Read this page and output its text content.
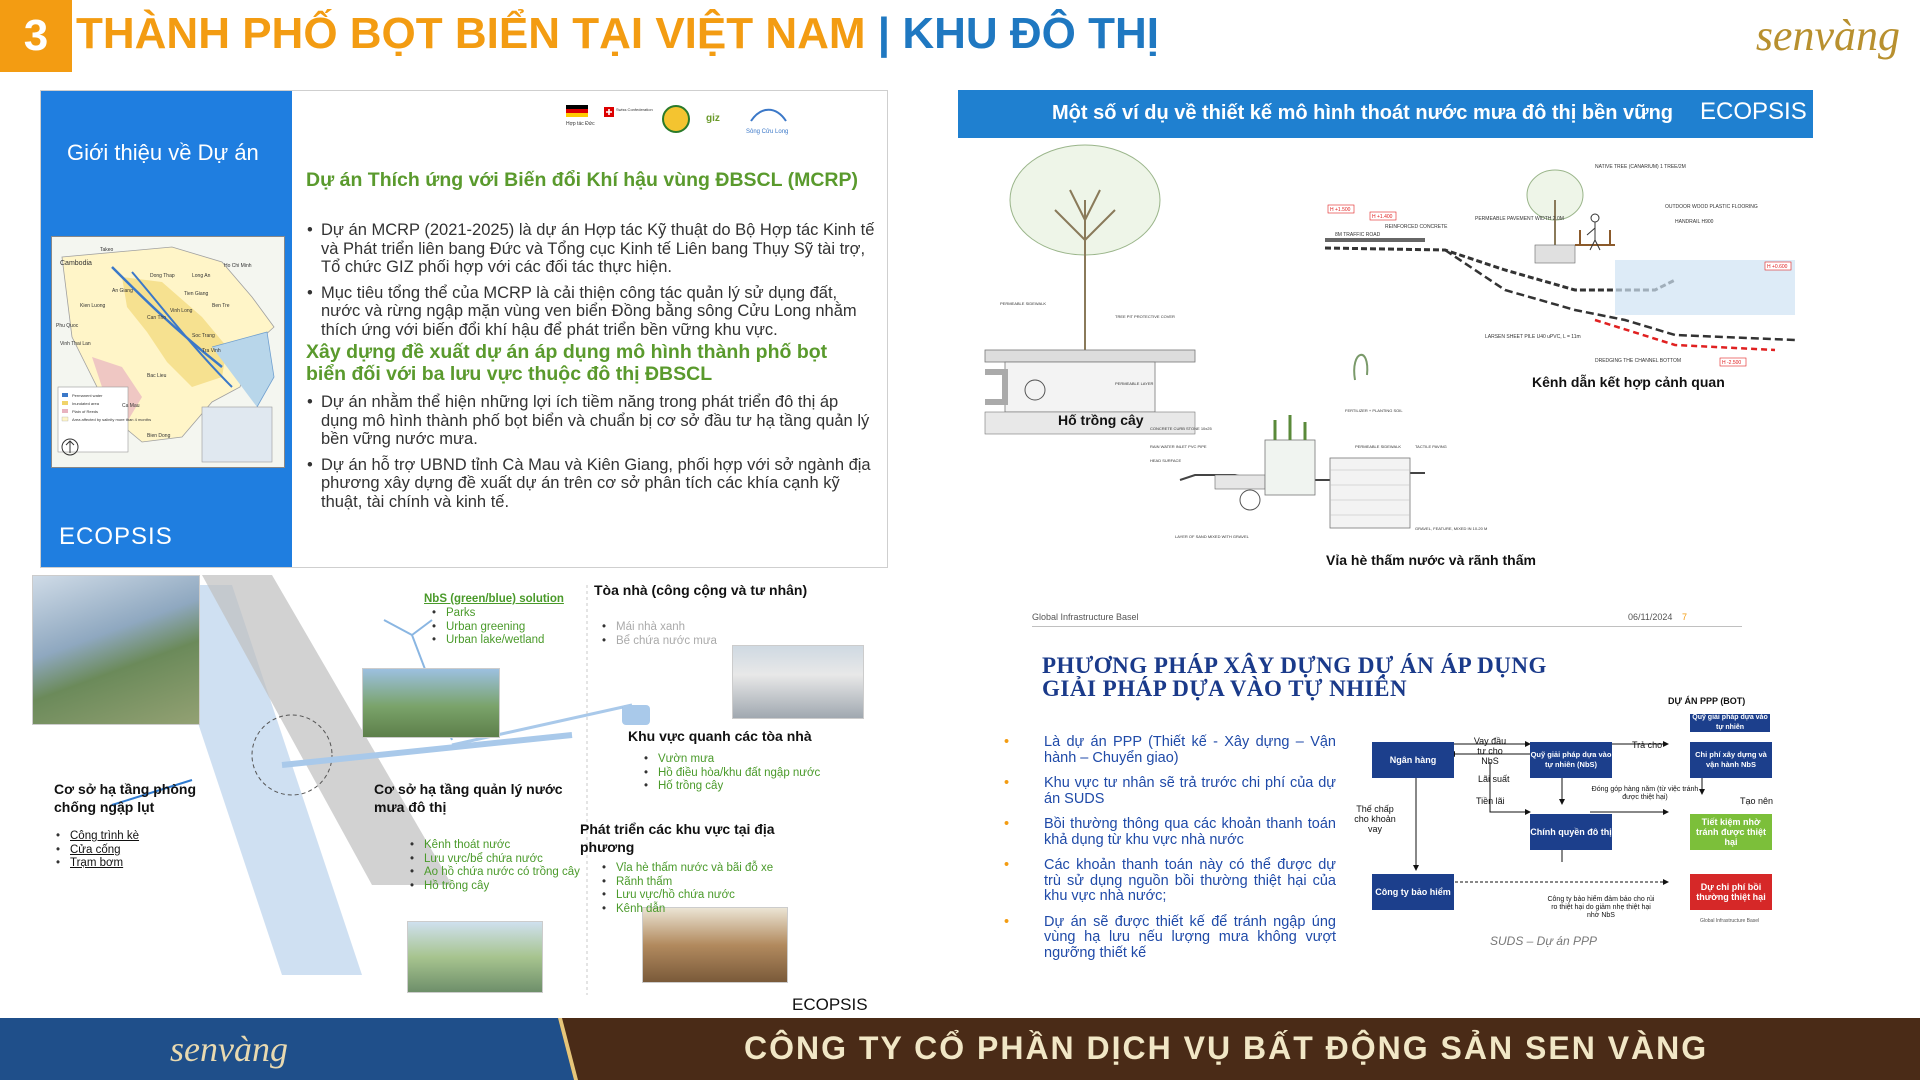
3 THÀNH PHỐ BỌT BIỂN TẠI VIỆT NAM | KHU ĐÔ THỊ	senvàng
Giới thiệu về Dự án
Cambodia
Takeo
Ho Chi Minh
Long An
An Giang
Dong Thap
Tien Giang
Kien Luong
Can Tho
Vinh Long
Ben Tre
Soc Trang
Vinh Thai Lan
Bac Lieu
Ca Mau
Tra Vinh
Bien Dong
Phu Quoc
Permanent water
Inundated area
Plain of Reeds
Area affected by salinity more than 4 months
ECOPSIS
Hợp tác Đức
Swiss Confederation
giz
Sông Cửu Long
Dự án Thích ứng với Biến đổi Khí hậu vùng ĐBSCL (MCRP)
• Dự án MCRP (2021-2025) là dự án Hợp tác Kỹ thuật do Bộ Hợp tác Kinh tế và Phát triển liên bang Đức và Tổng cục Kinh tế Liên bang Thụy Sỹ tài trợ, Tổ chức GIZ phối hợp với các đối tác thực hiện.
• Mục tiêu tổng thể của MCRP là cải thiện công tác quản lý sử dụng đất, nước và rừng ngập mặn vùng ven biển Đồng bằng sông Cửu Long nhằm thích ứng với biến đổi khí hậu để phát triển bền vững khu vực.
Xây dựng đề xuất dự án áp dụng mô hình thành phố bọt biển đối với ba lưu vực thuộc đô thị ĐBSCL
• Dự án nhằm thể hiện những lợi ích tiềm năng trong phát triển đô thị áp dụng mô hình thành phố bọt biển và chuẩn bị cơ sở đầu tư hạ tầng quản lý bền vững nước mưa.
• Dự án hỗ trợ UBND tỉnh Cà Mau và Kiên Giang, phối hợp với sở ngành địa phương xây dựng đề xuất dự án trên cơ sở phân tích các khía cạnh kỹ thuật, tài chính và kinh tế.
Một số ví dụ về thiết kế mô hình thoát nước mưa đô thị bền vững ECOPSIS
PERMEABLE SIDEWALK
TREE PIT PROTECTIVE COVER
PERMEABLE LAYER
NATIVE TREE (CANARIUM) 1 TREE/2M
OUTDOOR WOOD PLASTIC FLOORING
HANDRAIL H900
PERMEABLE PAVEMENT WIDTH 2.0M
REINFORCED CONCRETE
8M TRAFFIC ROAD
LARSEN SHEET PILE U40 uPVC, L = 11m
DREDGING THE CHANNEL BOTTOM
H +1.500
H +1.400
H +0.600
H -2.500
FERTILIZER + PLANTING SOIL
CONCRETE CURB STONE 10x25
RAIN WATER INLET PVC PIPE
HEAD SURFACE
PERMEABLE SIDEWALK	TACTILE PAVING
GRAVEL, FEATURE, MIXED IN 10-20 M
LAYER OF SAND MIXED WITH GRAVEL
Hố trồng cây
Kênh dẫn kết hợp cảnh quan
Vỉa hè thấm nước và rãnh thấm
NbS (green/blue) solution
• Parks
• Urban greening
• Urban lake/wetland
Tòa nhà (công cộng và tư nhân)
• Mái nhà xanh
• Bể chứa nước mưa
Khu vực quanh các tòa nhà
• Vườn mưa
• Hồ điều hòa/khu đất ngập nước
• Hố trồng cây
Cơ sở hạ tầng phòng chống ngập lụt
• Công trình kè
• Cửa cống
• Trạm bơm
Cơ sở hạ tầng quản lý nước mưa đô thị
• Kênh thoát nước
• Lưu vực/bể chứa nước
• Ao hồ chứa nước có trồng cây
• Hồ trồng cây
Phát triển các khu vực tại địa phương
• Vỉa hè thấm nước và bãi đỗ xe
• Rãnh thấm
• Lưu vực/hồ chứa nước
• Kênh dẫn
ECOPSIS
Global Infrastructure Basel	06/11/2024 7
PHƯƠNG PHÁP XÂY DỰNG DỰ ÁN ÁP DỤNG
GIẢI PHÁP DỰA VÀO TỰ NHIÊN
• Là dự án PPP (Thiết kế - Xây dựng – Vận hành – Chuyển giao)
• Khu vực tư nhân sẽ trả trước chi phí của dự án SUDS
• Bồi thường thông qua các khoản thanh toán khả dụng từ khu vực nhà nước
• Các khoản thanh toán này có thể được dự trù sử dụng nguồn bồi thường thiệt hại của khu vực nhà nước;
• Dự án sẽ được thiết kế để tránh ngập úng vùng hạ lưu nếu lượng mưa không vượt ngưỡng thiết kế
DỰ ÁN PPP (BOT)
Quỹ giải pháp dựa vào tự nhiên
Ngân hàng
Quỹ giải pháp dựa vào tự nhiên (NbS)
Chi phí xây dựng và vận hành NbS
Chính quyền đô thị
Tiết kiệm nhờ tránh được thiệt hại
Công ty bảo hiểm	Dự chi phí bồi thường thiệt hại
Vay đầu tư cho NbS
Trả cho
Lãi suất
Tiền lãi
Đóng góp hàng năm (từ việc tránh được thiệt hại)	Tạo nên
Thế chấp cho khoản vay
Công ty bảo hiểm đảm bảo cho rủi ro thiệt hại do giảm nhẹ thiệt hại nhờ NbS
Global Infrastructure Basel
SUDS – Dự án PPP
senvàng	CÔNG TY CỔ PHẦN DỊCH VỤ BẤT ĐỘNG SẢN SEN VÀNG
